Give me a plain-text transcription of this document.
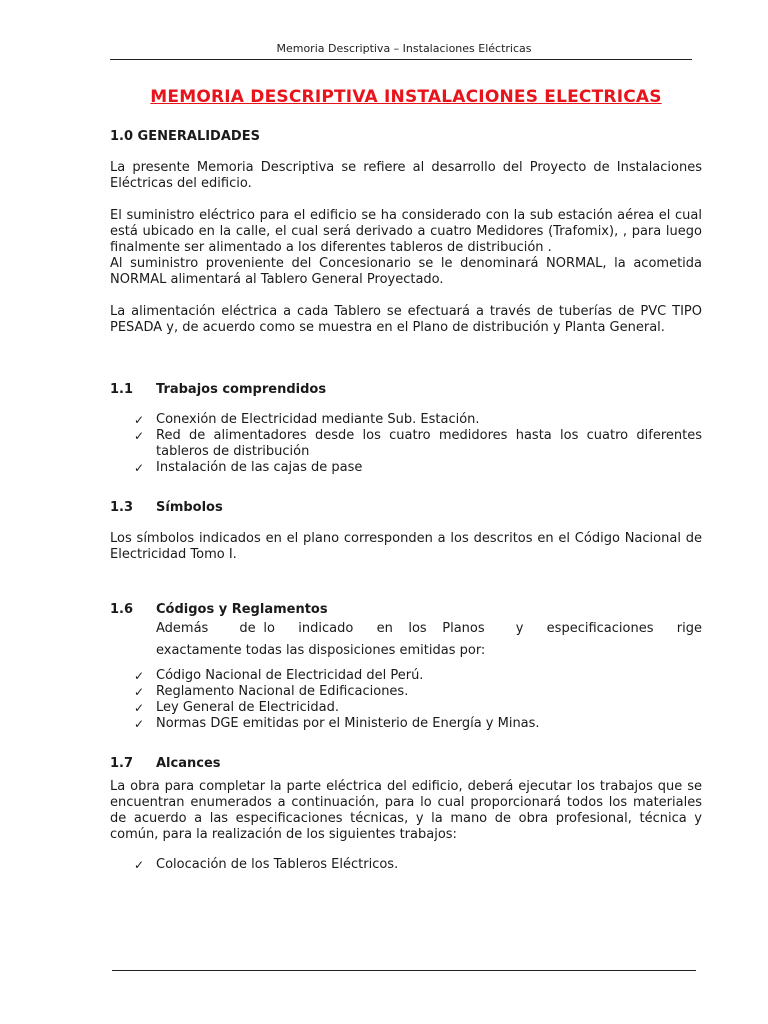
Memoria Descriptiva – Instalaciones Eléctricas
MEMORIA DESCRIPTIVA INSTALACIONES ELECTRICAS
1.0 GENERALIDADES

La presente Memoria Descriptiva se refiere al desarrollo del Proyecto de Instalaciones Eléctricas del edificio.

El suministro eléctrico para el edificio se ha considerado con la sub estación aérea el cual está ubicado en la calle, el cual será derivado a cuatro Medidores (Trafomix), , para luego finalmente ser alimentado a los diferentes tableros de distribución .

Al suministro proveniente del Concesionario se le denominará NORMAL, la acometida NORMAL alimentará al Tablero General Proyectado.

La alimentación eléctrica a cada Tablero se efectuará a través de tuberías de PVC TIPO PESADA y, de acuerdo como se muestra en el Plano de distribución y Planta General.

1.1 Trabajos comprendidos
✓ Conexión de Electricidad mediante Sub. Estación.
✓ Red de alimentadores desde los cuatro medidores hasta los cuatro diferentes tableros de distribución
✓ Instalación de las cajas de pase
1.3 Símbolos

Los símbolos indicados en el plano corresponden a los descritos en el Código Nacional de Electricidad Tomo I.

1.6 Códigos y Reglamentos

Además    de lo   indicado   en  los  Planos    y   especificaciones   rige

exactamente todas las disposiciones emitidas por:

✓ Código Nacional de Electricidad del Perú.
✓ Reglamento Nacional de Edificaciones.
✓ Ley General de Electricidad.
✓ Normas DGE emitidas por el Ministerio de Energía y Minas.
1.7 Alcances

La obra para completar la parte eléctrica del edificio, deberá ejecutar los trabajos que se encuentran enumerados a continuación, para lo cual proporcionará todos los materiales de acuerdo a las especificaciones técnicas, y la mano de obra profesional, técnica y común, para la realización de los siguientes trabajos:

✓ Colocación de los Tableros Eléctricos.
